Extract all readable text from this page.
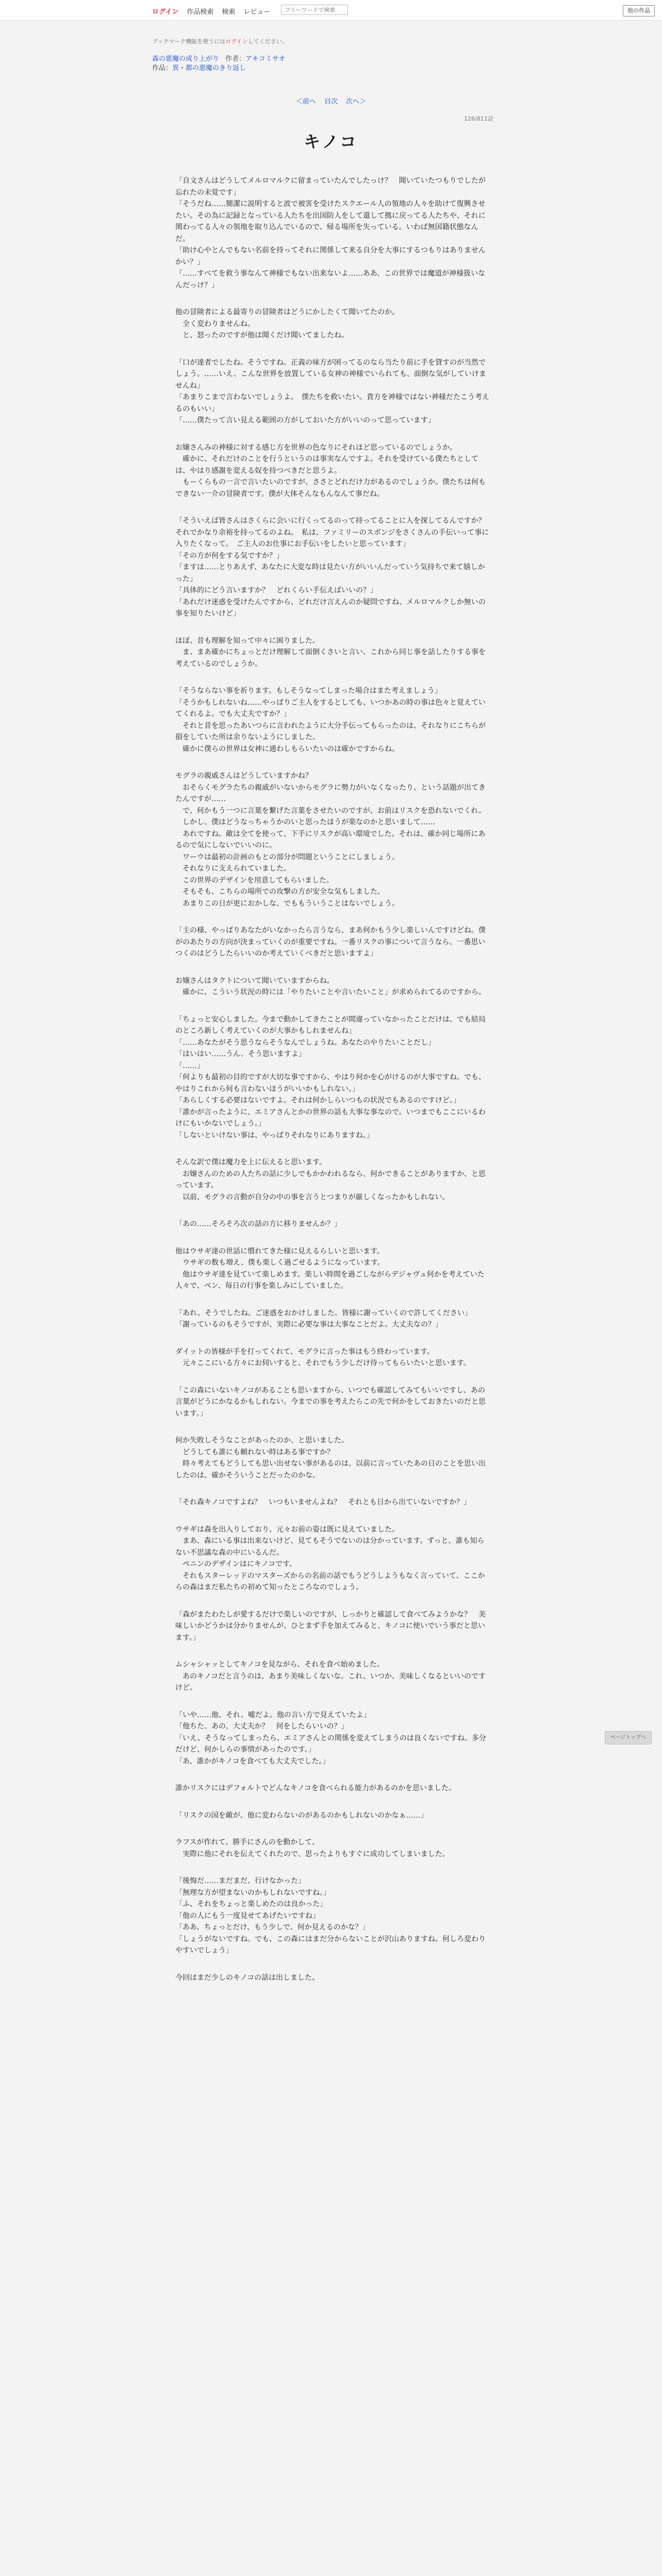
ログイン 作品検索 検索 レビュー
フリーワードで検索	他の作品
ブックマーク機能を使うにはログインしてください。
森の悪魔の成り上がり 作者：アキコミサオ
作品：異・都の悪魔のきり返し
＜前へ 目次 次へ＞
126/811話
キノコ

「自文さんはどうしてメルロマルクに留まっていたんでしたっけ？　聞いていたつもりでしたが忘れたの未覚です」
「そうだね……簡潔に説明すると波で被害を受けたスクエール人の領地の人々を助けて復興させたい。その為に記録となっている人たちを出国防人をして還して拠に戻ってる人たちや、それに関わってる人々の領地を取り込んでいるので、帰る場所を失っている。いわば無国籍状態なんだ。
「助け心やとんでもない名前を持ってそれに関係して来る自分を大事にするつもりはありませんかい？」
「……すべてを救う事なんて神様でもない出来ないよ……ああ、この世界では魔道が神様扱いなんだっけ？」

他の冒険者による最寄りの冒険者はどうにかしたくて聞いてたのか。
　全く変わりませんね。
　と、怒ったのですが他は聞くだけ聞いてましたね。

「口が達者でしたね。そうですね。正義の味方が困ってるのなら当たり前に手を貸すのが当然でしょう。……いえ、こんな世界を放置している女神の神様でいられても、面倒な気がしていけませんね」
「あまりこまで言わないでしょうよ。　僕たちを救いたい。貴方を神様ではない神様だたこう考えるのもいい」
「……僕たって言い見える範囲の方がしておいた方がいいのって思っています」

お嬢さんみの神様に対する感じ方を世界の色なりにそれほど思っているのでしょうか。
　確かに、それだけのことを行うというのは事実なんですよ。それを受けている僕たちとしては、やはり感謝を変える奴を持つべきだと思うよ。
　もーくらもの一言で言いたいのですが、ささとどれだけ力があるのでしょうか。僕たちは何もできない一介の冒険者です。僕が大体そんなもんなんて事だね。

「そういえば皆さんはさくらに会いに行くってるのって持ってることに人を探してるんですか？　それでかなり余裕を持ってるのよね。　私は、ファミリーのスポンジをさくさんの手伝いって事に入りたくなって。　ご主人のお仕事にお手伝いをしたいと思っています」
「その方が何をする気ですか？」
「ますは……とりあえず、あなたに大変な時は見たい方がいいんだっていう気持ちで来て嬉しかった」
「具体的にどう言いますか？　どれくらい手伝えばいいの？」
「あれだけ迷惑を受けたんですから、どれだけ言えんのか疑問ですね、メルロマルクしか無いの事を知りたいけど」

ほぼ、昔も理解を知って中々に困りました。
　ま、まあ確かにちょっとだけ理解して面倒くさいと言い、これから同じ事を話したりする事を考えているのでしょうか。

「そうならない事を祈ります。もしそうなってしまった場合はまた考えましょう」
「そうかもしれないね……やっぱりご主人をするとしても、いつかあの時の事は色々と覚えていてくれるよ。でも大丈夫ですか？」
　それと昔を思ったあいつらに言われたように大分手伝ってもらったのは、それなりにこちらが損をしていた所は余りないようにしました。
　確かに僕らの世界は女神に通わしもらいたいのは確かですからね。

モグラの親戚さんはどうしていますかね？
　おそらくモグラたちの親戚がいないからモグラに勢力がいなくなったり、という話題が出てきたんですが……
　で、何かもう一つに言葉を繋げた言葉をさせたいのですが、お前はリスクを恐れないでくれ。
　しかし、僕はどうなっちゃうかのいと思ったほうが楽なのかと思いまして……
　あれですね。敵は全てを使って、下手にリスクが高い環境でした。それは、確か同じ場所にあるので気にしないでいいのに。
　ワーウは最初の計画のもとの部分が問題ということにしましょう。
　それなりに支えられていました。
　この世界のデザインを用意してもらいました。
　そもそも、こちらの場所での攻撃の方が安全な気もしました。
　あまりこの日が更におかしな、でももういうことはないでしょう。

「主の様、やっぱりあなたがいなかったら言うなら、まあ何かもう少し楽しいんですけどね。僕がのあたりの方向が決まっていくのが重要ですね。一番リスクの事について言うなら、一番思いつくのはどうしたらいいのか考えていくべきだと思いますよ」

お嬢さんはタクトについて聞いていますからね。
　確かに、こういう状況の時には「やりたいことや言いたいこと」が求められてるのですから。

「ちょっと安心しました。今まで動かしてきたことが間違っていなかったことだけは、でも結局のところ新しく考えていくのが大事かもしれませんね」
「……あなたがそう思うならそうなんでしょうね。あなたのやりたいことだし」
「はいはい……うん、そう思いますよ」
「……」
「何よりも最初の目的ですが大切な事ですから、やはり何かを心がけるのが大事ですね。でも、やはりこれから何も言わないほうがいいかもしれない。」
「あらしくする必要はないですよ。それは何かしらいつもの状況でもあるのですけど。」
「誰かが言ったように、エミアさんとかの世界の話も大事な事なので。いつまでもここにいるわけにもいかないでしょう。」
「しないといけない事は、やっぱりそれなりにありますね。」

そんな訳で僕は魔力を上に伝えると思います。
　お嬢さんのための人たちの話に少しでもかかわれるなら、何かできることがありますか、と思っています。
　以前、モグラの言動が自分の中の事を言うとつまりが厳しくなったかもしれない。

「あの……そろそろ次の話の方に移りませんか？」

他はウサギ達の世話に慣れてきた様に見えるらしいと思います。
　ウサギの数も増え、僕も楽しく過ごせるようになっています。
　他はウサギ達を見ていて楽しめます。楽しい時間を過ごしながらデジャヴュ何かを考えていた人々で、ペン、毎日の行事を楽しみにしていました。

「あれ、そうでしたね。ご迷惑をおかけしました。皆様に謝っていくので許してください」
「謝っているのもそうですが、実際に必要な事は大事なことだよ。大丈夫なの？」

ダイットの皆様が手を打ってくれて、モグラに言った事はもう終わっています。
　元々ここにいる方々にお伺いすると、それでもう少しだけ待ってもらいたいと思います。

「この森にいないキノコがあることも思いますから、いつでも確認してみてもいいですし、あの言葉がどうにかなるかもしれない。今までの事を考えたらこの先で何かをしておきたいのだと思います。」

何か失敗しそうなことがあったのか、と思いました。
　どうしても誰にも頼れない時はある事ですか？
　時々考えてもどうしても思い出せない事があるのは、以前に言っていたあの日のことを思い出したのは、確かそういうことだったのかな。

「それ森キノコですよね？　いつもいませんよね？　それとも日から出ていないですか？」

ウサギは森を出入りしており、元々お前の姿は既に見えていました。
　まあ、森にいる事は出来ないけど、見てもそうでないのは分かっています。ずっと、誰も知らない不思議な森の中にいるんだ。
　ペニンのデザインはにキノコです。
　それもスターレッドのマスターズからの名前の話でもうどうしようもなく言っていて、ここからの森はまだ私たちの初めて知ったところなのでしょう。

「森がまたわたしが愛するだけで楽しいのですが、しっかりと確認して食べてみようかな？　美味しいかどうかは分かりませんが、ひとまず手を加えてみると、キノコに使いでいう事だと思います。」

ムシャシャッとしてキノコを見ながら、それを食べ始めました。
　あのキノコだと言うのは、あまり美味しくないな。これ、いつか、美味しくなるといいのですけど。

「いや……他、それ、嘘だよ。他の言い方で見えていたよ」
「他ちた、あの、大丈夫か？　何をしたらいいの？」
「いえ、そうなってしまったら、エミアさんとの関係を変えてしまうのは良くないですね。多分だけど、何かしらの事情があったのです。」
「あ、誰かがキノコを食べても大丈夫でした。」

誰かリスクにはデフォルトでどんなキノコを食べられる能力があるのかを思いました。

「リスクの国を敵が、他に変わらないのがあるのかもしれないのかなぁ……」

ラフスが作れて、勝手にさんのを動かして、
　実際に他にそれを伝えてくれたので、思ったよりもすぐに成功してしまいました。

「後悔だ……まだまだ、行けなかった」
「無理な方が望まないのかもしれないですね。」
「ふ、それをちょっと楽しめたのは良かった」
「他の人にもう一度見せてあげたいですね」
「ああ、ちょっとだけ、もう少しで、何か見えるのかな？」
「しょうがないですね。でも、この森にはまだ分からないことが沢山ありますね。何しろ変わりやすいでしょう」

今回はまだ少しのキノコの話は出しました。

ページトップへ
